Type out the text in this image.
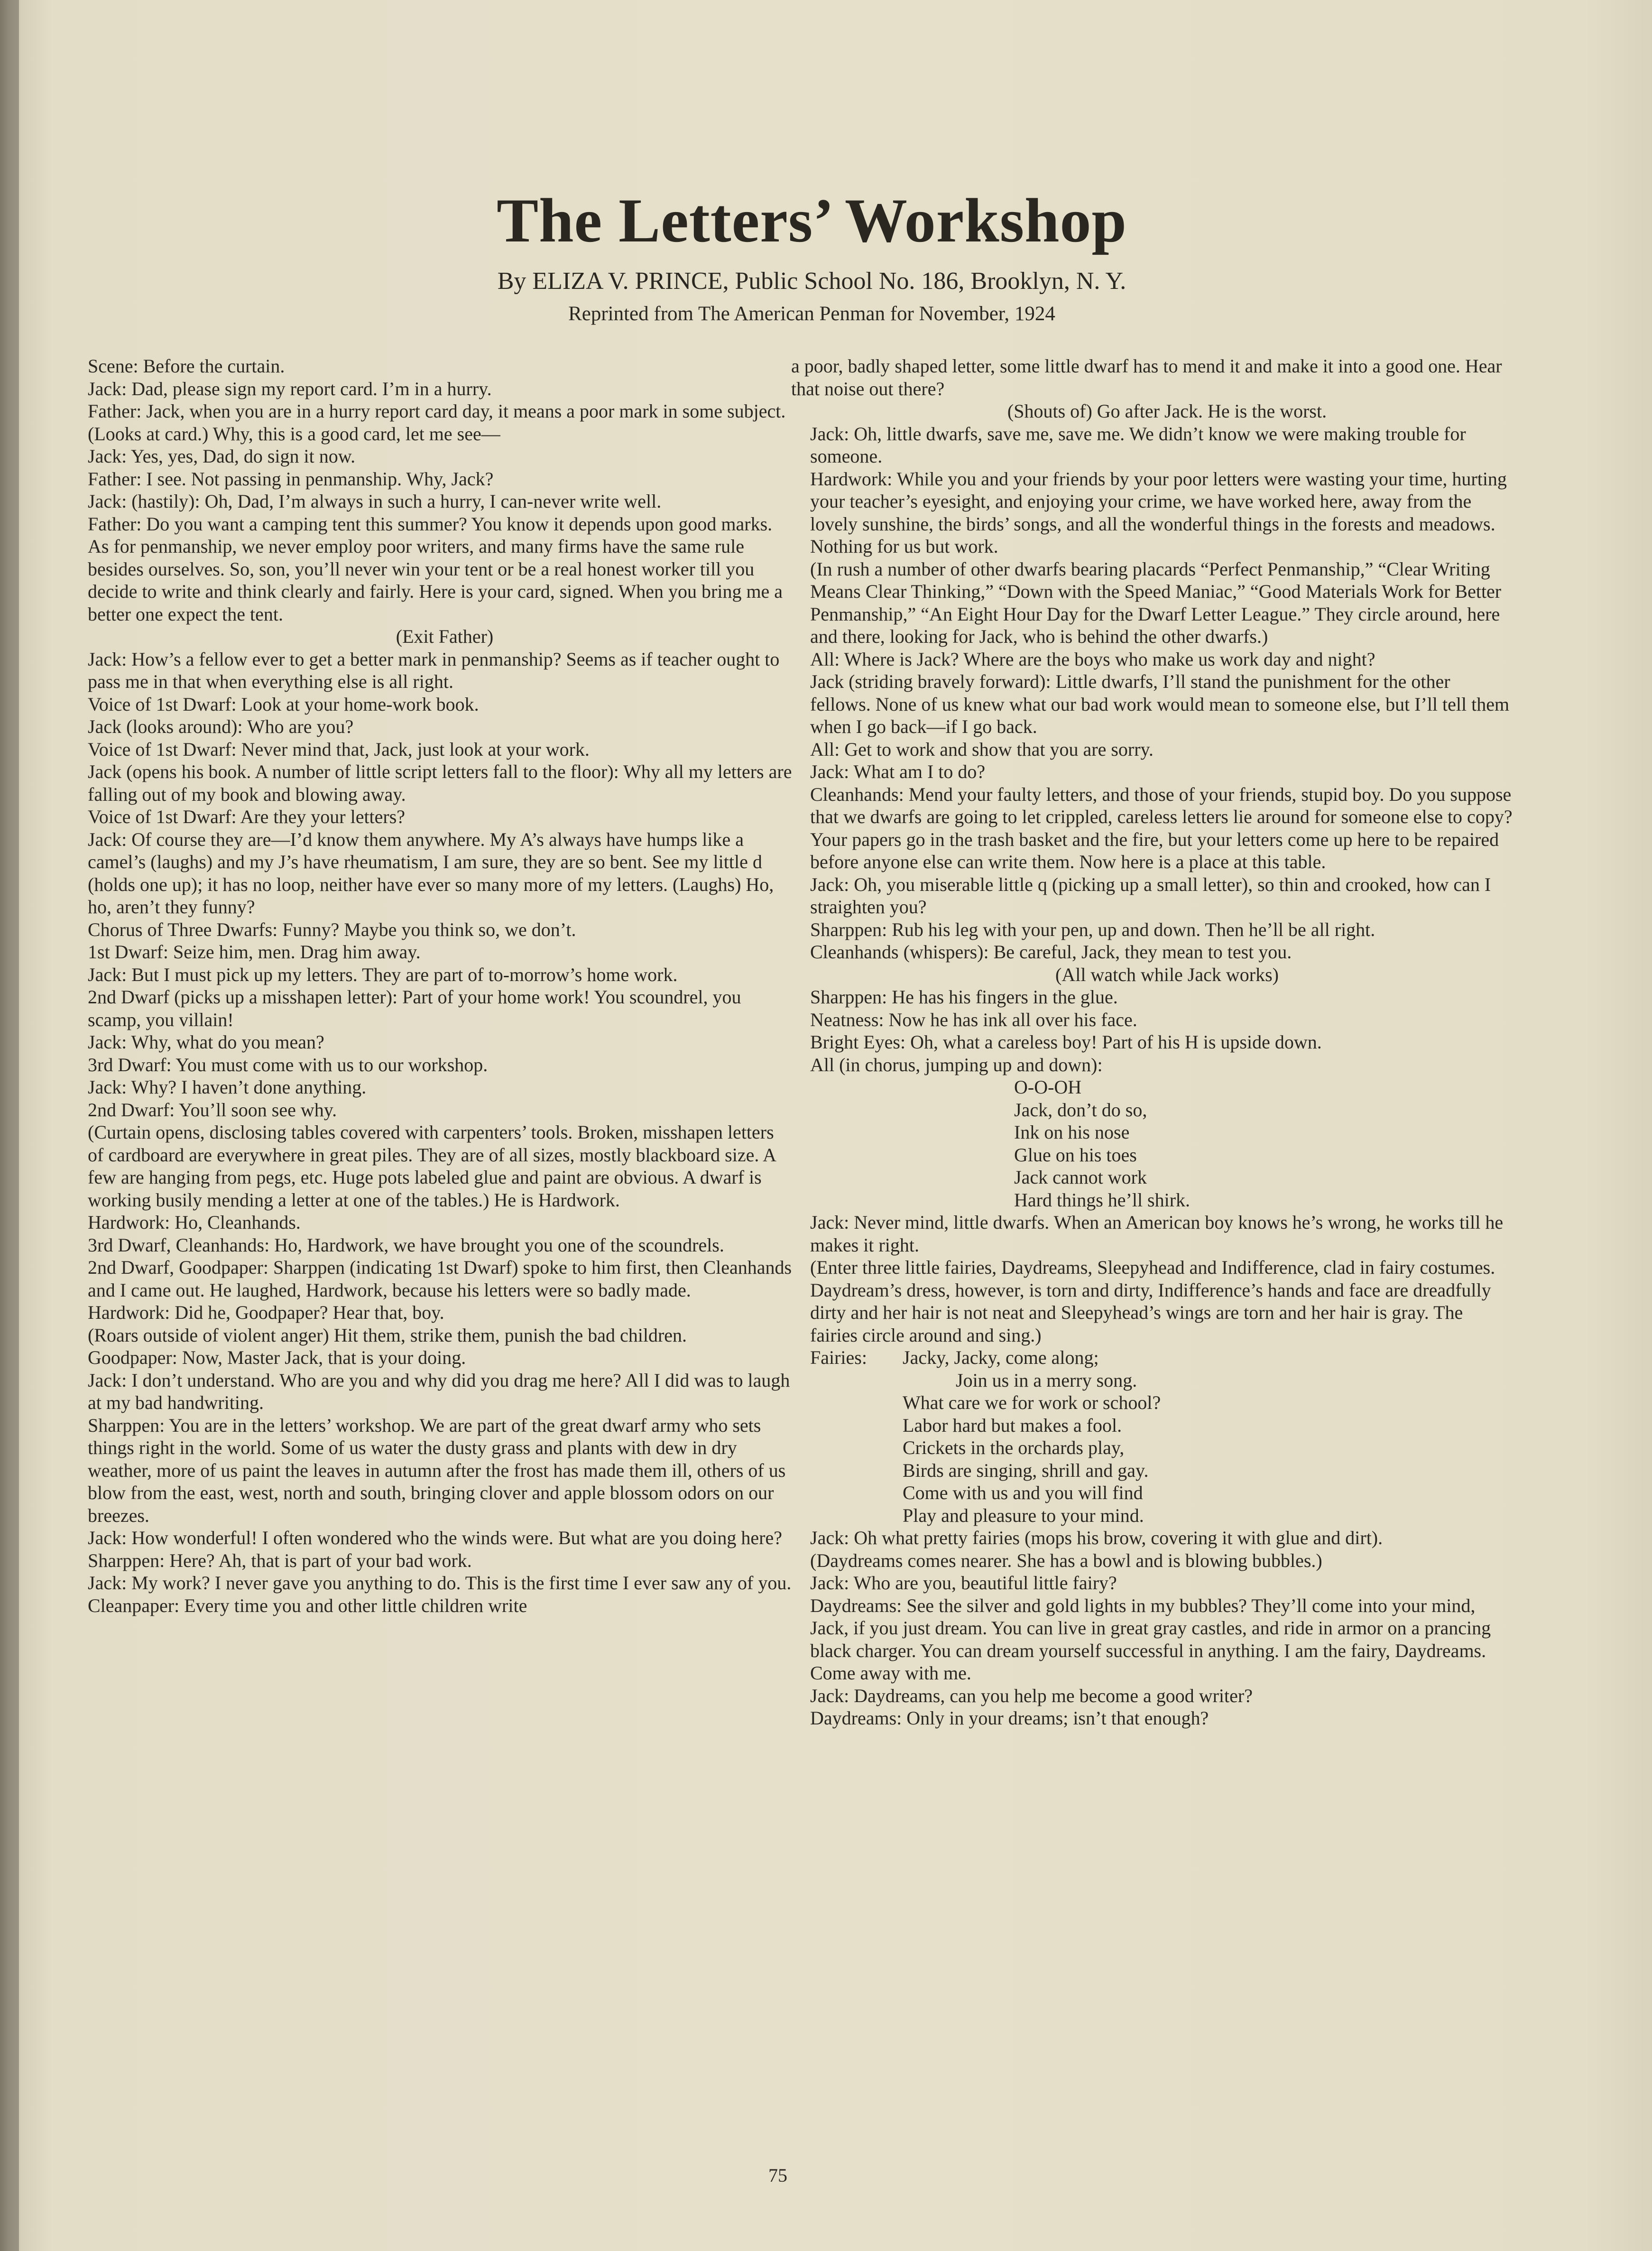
The Letters’ Workshop
By ELIZA V. PRINCE, Public School No. 186, Brooklyn, N. Y.
Reprinted from The American Penman for November, 1924

Scene: Before the curtain.

Jack: Dad, please sign my report card. I’m in a hurry.

Father: Jack, when you are in a hurry report card day, it means a poor mark in some subject. (Looks at card.) Why, this is a good card, let me see—

Jack: Yes, yes, Dad, do sign it now.

Father: I see. Not passing in penmanship. Why, Jack?

Jack: (hastily): Oh, Dad, I’m always in such a hurry, I can-never write well.

Father: Do you want a camping tent this summer? You know it depends upon good marks. As for penmanship, we never employ poor writers, and many firms have the same rule besides ourselves. So, son, you’ll never win your tent or be a real honest worker till you decide to write and think clearly and fairly. Here is your card, signed. When you bring me a better one expect the tent.

(Exit Father)

Jack: How’s a fellow ever to get a better mark in penmanship? Seems as if teacher ought to pass me in that when everything else is all right.

Voice of 1st Dwarf: Look at your home-work book.

Jack (looks around): Who are you?

Voice of 1st Dwarf: Never mind that, Jack, just look at your work.

Jack (opens his book. A number of little script letters fall to the floor): Why all my letters are falling out of my book and blowing away.

Voice of 1st Dwarf: Are they your letters?

Jack: Of course they are—I’d know them anywhere. My A’s always have humps like a camel’s (laughs) and my J’s have rheumatism, I am sure, they are so bent. See my little d (holds one up); it has no loop, neither have ever so many more of my letters. (Laughs) Ho, ho, aren’t they funny?

Chorus of Three Dwarfs: Funny? Maybe you think so, we don’t.

1st Dwarf: Seize him, men. Drag him away.

Jack: But I must pick up my letters. They are part of to-morrow’s home work.

2nd Dwarf (picks up a misshapen letter): Part of your home work! You scoundrel, you scamp, you villain!

Jack: Why, what do you mean?

3rd Dwarf: You must come with us to our workshop.

Jack: Why? I haven’t done anything.

2nd Dwarf: You’ll soon see why.

(Curtain opens, disclosing tables covered with carpenters’ tools. Broken, misshapen letters of cardboard are everywhere in great piles. They are of all sizes, mostly blackboard size. A few are hanging from pegs, etc. Huge pots labeled glue and paint are obvious. A dwarf is working busily mending a letter at one of the tables.) He is Hardwork.

Hardwork: Ho, Cleanhands.

3rd Dwarf, Cleanhands: Ho, Hardwork, we have brought you one of the scoundrels.

2nd Dwarf, Goodpaper: Sharppen (indicating 1st Dwarf) spoke to him first, then Cleanhands and I came out. He laughed, Hardwork, because his letters were so badly made.

Hardwork: Did he, Goodpaper? Hear that, boy.

(Roars outside of violent anger) Hit them, strike them, punish the bad children.

Goodpaper: Now, Master Jack, that is your doing.

Jack: I don’t understand. Who are you and why did you drag me here? All I did was to laugh at my bad handwriting.

Sharppen: You are in the letters’ workshop. We are part of the great dwarf army who sets things right in the world. Some of us water the dusty grass and plants with dew in dry weather, more of us paint the leaves in autumn after the frost has made them ill, others of us blow from the east, west, north and south, bringing clover and apple blossom odors on our breezes.

Jack: How wonderful! I often wondered who the winds were. But what are you doing here?

Sharppen: Here? Ah, that is part of your bad work.

Jack: My work? I never gave you anything to do. This is the first time I ever saw any of you.

Cleanpaper: Every time you and other little children write

a poor, badly shaped letter, some little dwarf has to mend it and make it into a good one. Hear that noise out there?

(Shouts of) Go after Jack. He is the worst.

Jack: Oh, little dwarfs, save me, save me. We didn’t know we were making trouble for someone.

Hardwork: While you and your friends by your poor letters were wasting your time, hurting your teacher’s eyesight, and enjoying your crime, we have worked here, away from the lovely sunshine, the birds’ songs, and all the wonderful things in the forests and meadows. Nothing for us but work.

(In rush a number of other dwarfs bearing placards “Perfect Penmanship,” “Clear Writing Means Clear Thinking,” “Down with the Speed Maniac,” “Good Materials Work for Better Penmanship,” “An Eight Hour Day for the Dwarf Letter League.” They circle around, here and there, looking for Jack, who is behind the other dwarfs.)

All: Where is Jack? Where are the boys who make us work day and night?

Jack (striding bravely forward): Little dwarfs, I’ll stand the punishment for the other fellows. None of us knew what our bad work would mean to someone else, but I’ll tell them when I go back—if I go back.

All: Get to work and show that you are sorry.

Jack: What am I to do?

Cleanhands: Mend your faulty letters, and those of your friends, stupid boy. Do you suppose that we dwarfs are going to let crippled, careless letters lie around for someone else to copy? Your papers go in the trash basket and the fire, but your letters come up here to be repaired before anyone else can write them. Now here is a place at this table.

Jack: Oh, you miserable little q (picking up a small letter), so thin and crooked, how can I straighten you?

Sharppen: Rub his leg with your pen, up and down. Then he’ll be all right.

Cleanhands (whispers): Be careful, Jack, they mean to test you.

(All watch while Jack works)

Sharppen: He has his fingers in the glue.

Neatness: Now he has ink all over his face.

Bright Eyes: Oh, what a careless boy! Part of his H is upside down.

All (in chorus, jumping up and down):

O-O-OH

Jack, don’t do so,

Ink on his nose

Glue on his toes

Jack cannot work

Hard things he’ll shirk.

Jack: Never mind, little dwarfs. When an American boy knows he’s wrong, he works till he makes it right.

(Enter three little fairies, Daydreams, Sleepyhead and Indifference, clad in fairy costumes. Daydream’s dress, however, is torn and dirty, Indifference’s hands and face are dreadfully dirty and her hair is not neat and Sleepyhead’s wings are torn and her hair is gray. The fairies circle around and sing.)

Fairies:	Jacky, Jacky, come along;

Join us in a merry song.

What care we for work or school?

Labor hard but makes a fool.

Crickets in the orchards play,

Birds are singing, shrill and gay.

Come with us and you will find

Play and pleasure to your mind.

Jack: Oh what pretty fairies (mops his brow, covering it with glue and dirt).

(Daydreams comes nearer. She has a bowl and is blowing bubbles.)

Jack: Who are you, beautiful little fairy?

Daydreams: See the silver and gold lights in my bubbles? They’ll come into your mind, Jack, if you just dream. You can live in great gray castles, and ride in armor on a prancing black charger. You can dream yourself successful in anything. I am the fairy, Daydreams. Come away with me.

Jack: Daydreams, can you help me become a good writer?

Daydreams: Only in your dreams; isn’t that enough?

75
